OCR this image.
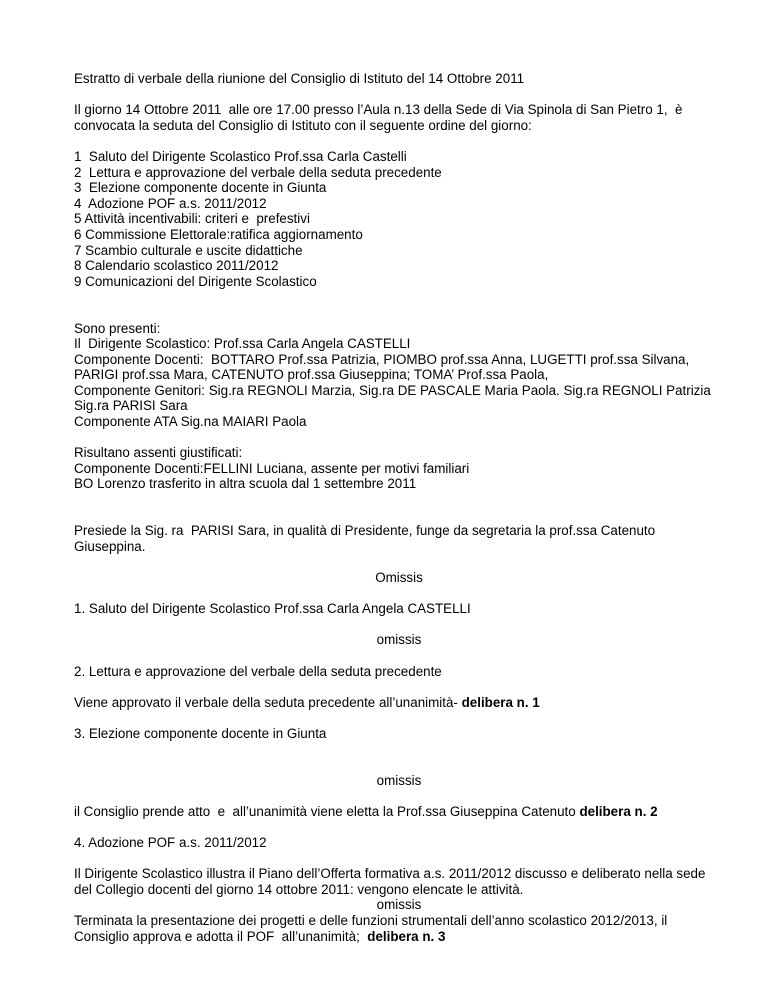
Estratto di verbale della riunione del Consiglio di Istituto del 14 Ottobre 2011

Il giorno 14 Ottobre 2011  alle ore 17.00 presso l’Aula n.13 della Sede di Via Spinola di San Pietro 1,  è convocata la seduta del Consiglio di Istituto con il seguente ordine del giorno:

1  Saluto del Dirigente Scolastico Prof.ssa Carla Castelli

2  Lettura e approvazione del verbale della seduta precedente

3  Elezione componente docente in Giunta

4  Adozione POF a.s. 2011/2012

5 Attività incentivabili: criteri e  prefestivi

6 Commissione Elettorale:ratifica aggiornamento

7 Scambio culturale e uscite didattiche

8 Calendario scolastico 2011/2012

9 Comunicazioni del Dirigente Scolastico

Sono presenti:

Il  Dirigente Scolastico: Prof.ssa Carla Angela CASTELLI

Componente Docenti:  BOTTARO Prof.ssa Patrizia, PIOMBO prof.ssa Anna, LUGETTI prof.ssa Silvana,   PARIGI prof.ssa Mara, CATENUTO prof.ssa Giuseppina; TOMA’ Prof.ssa Paola,

Componente Genitori: Sig.ra REGNOLI Marzia, Sig.ra DE PASCALE Maria Paola. Sig.ra REGNOLI Patrizia Sig.ra PARISI Sara

Componente ATA Sig.na MAIARI Paola

Risultano assenti giustificati:

Componente Docenti:FELLINI Luciana, assente per motivi familiari

BO Lorenzo trasferito in altra scuola dal 1 settembre 2011

Presiede la Sig. ra  PARISI Sara, in qualità di Presidente, funge da segretaria la prof.ssa Catenuto Giuseppina.

Omissis

1. Saluto del Dirigente Scolastico Prof.ssa Carla Angela CASTELLI

omissis

2. Lettura e approvazione del verbale della seduta precedente

Viene approvato il verbale della seduta precedente all’unanimità- delibera n. 1

3. Elezione componente docente in Giunta

omissis

il Consiglio prende atto  e  all’unanimità viene eletta la Prof.ssa Giuseppina Catenuto delibera n. 2

4. Adozione POF a.s. 2011/2012

Il Dirigente Scolastico illustra il Piano dell’Offerta formativa a.s. 2011/2012 discusso e deliberato nella sede del Collegio docenti del giorno 14 ottobre 2011: vengono elencate le attività.

omissis

Terminata la presentazione dei progetti e delle funzioni strumentali dell’anno scolastico 2012/2013, il Consiglio approva e adotta il POF  all’unanimità;  delibera n. 3
